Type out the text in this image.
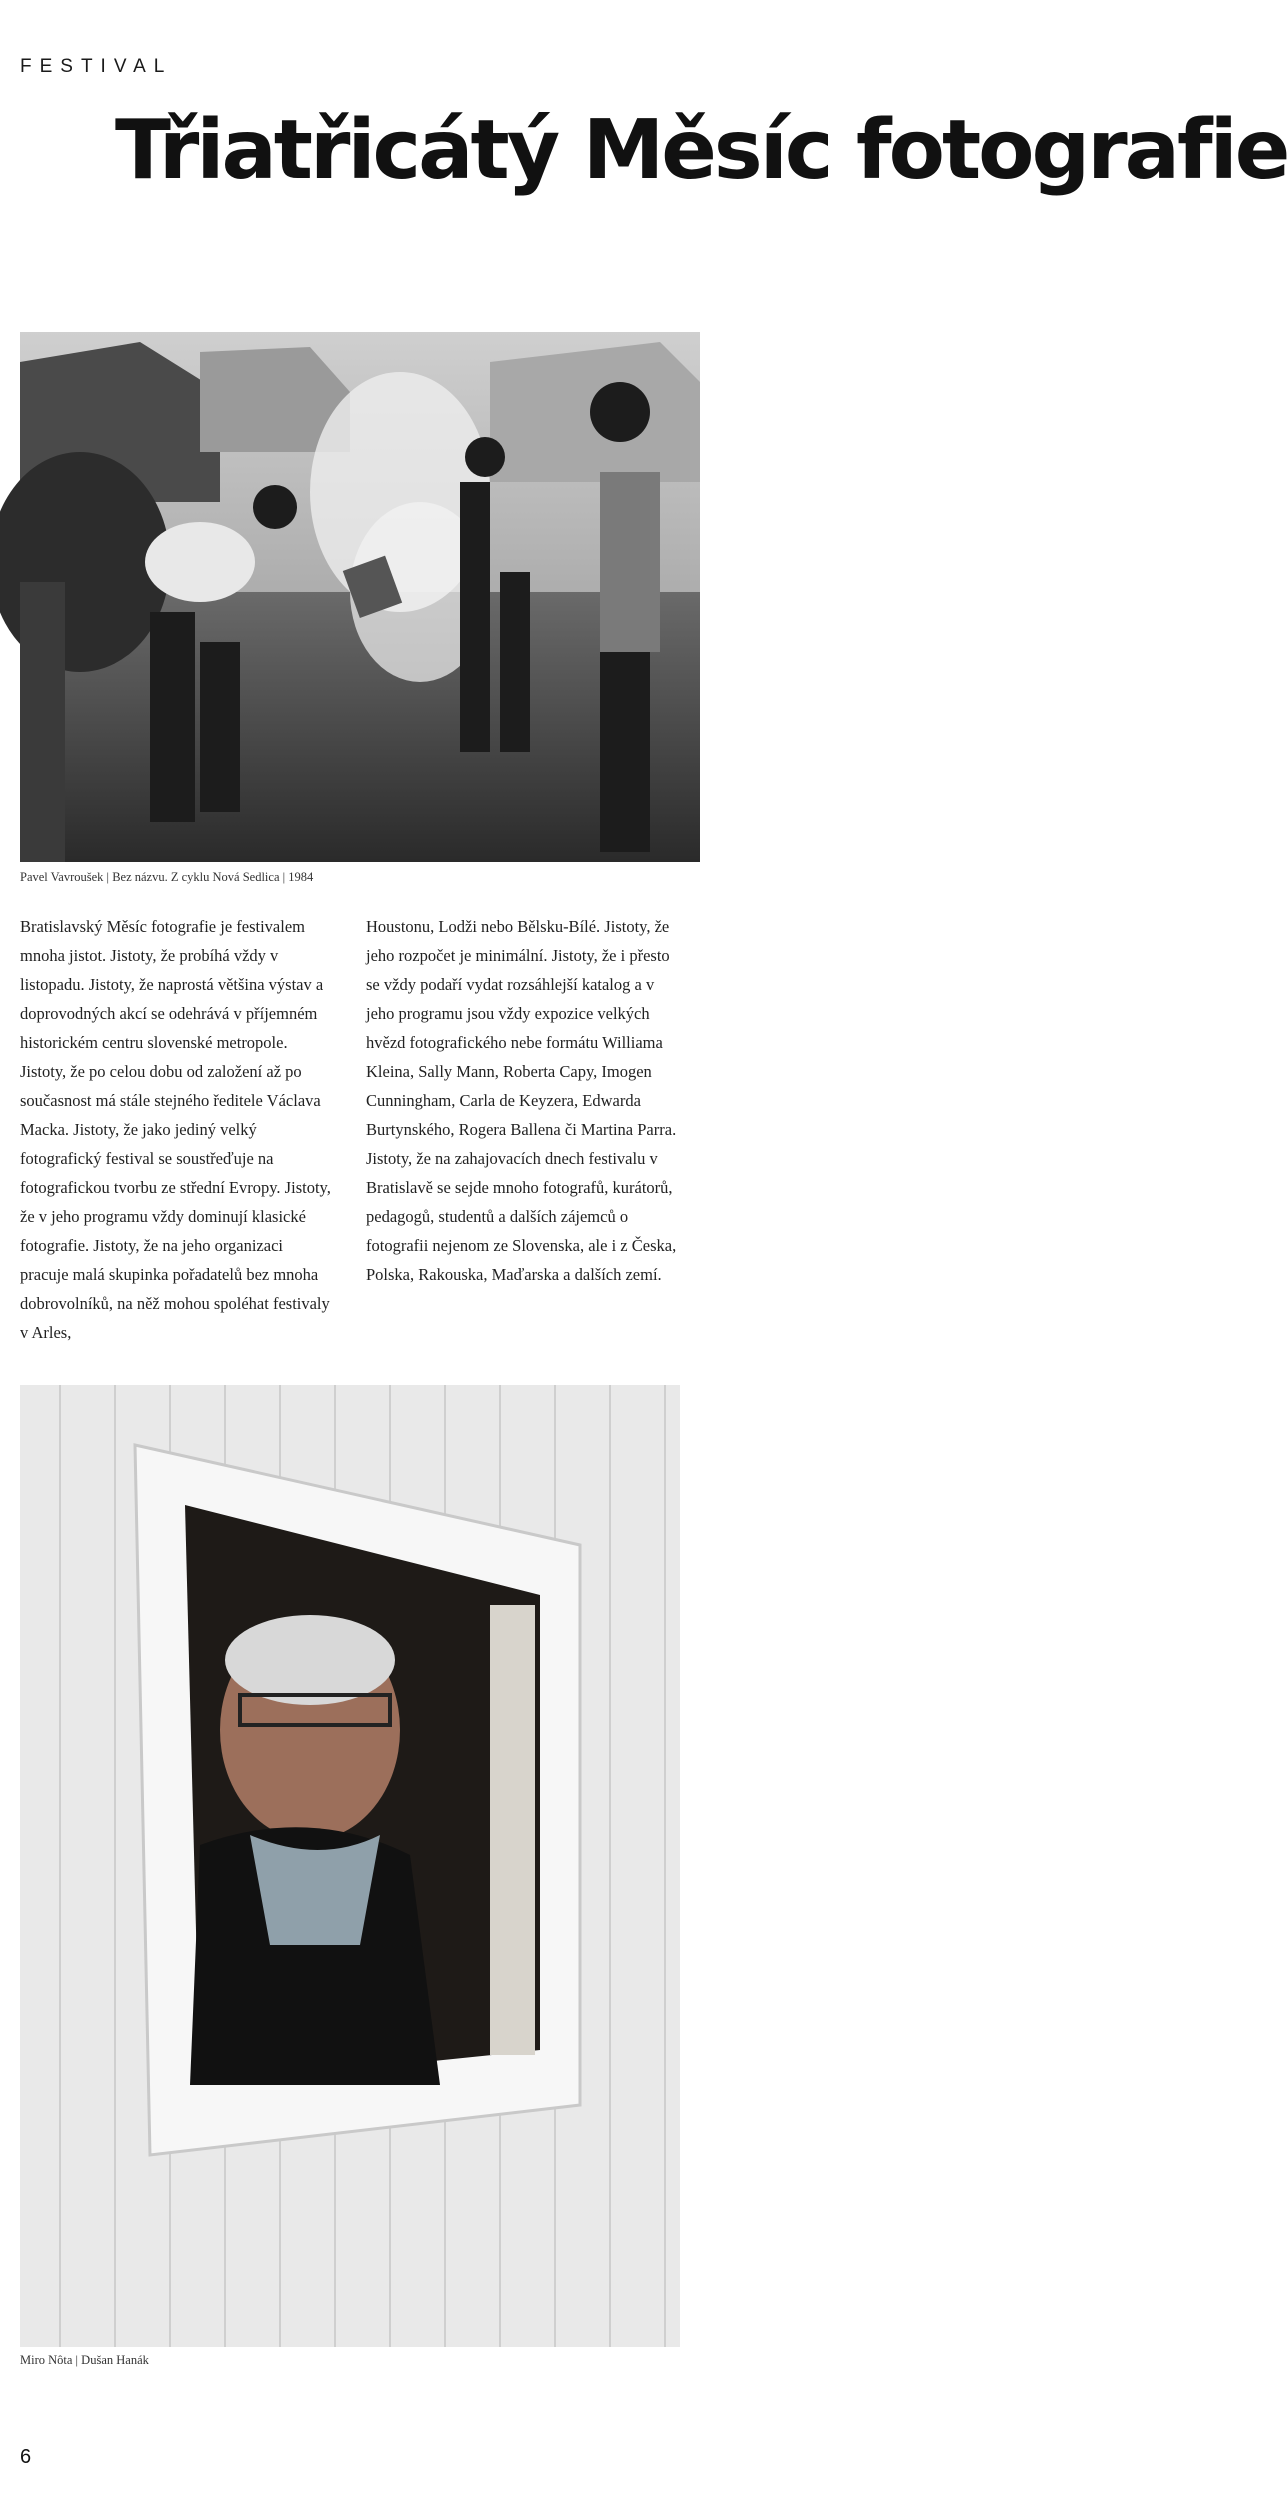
FESTIVAL
Třiatřicátý Měsíc fotografie
Pavel Vavroušek | Bez názvu. Z cyklu Nová Sedlica | 1984

Bratislavský Měsíc fotografie je festivalem mnoha jistot. Jistoty, že probíhá vždy v listopadu. Jistoty, že naprostá většina výstav a doprovodných akcí se odehrává v příjemném historickém centru slovenské metropole. Jistoty, že po celou dobu od založení až po současnost má stále stejného ředitele Václava Macka. Jistoty, že jako jediný velký fotografický festival se soustřeďuje na fotografickou tvorbu ze střední Evropy. Jistoty, že v jeho programu vždy dominují klasické fotografie. Jistoty, že na jeho organizaci pracuje malá skupinka pořadatelů bez mnoha dobrovolníků, na něž mohou spoléhat festivaly v Arles,

Houstonu, Lodži nebo Bělsku-Bílé. Jistoty, že jeho rozpočet je minimální. Jistoty, že i přesto se vždy podaří vydat rozsáhlejší katalog a v jeho programu jsou vždy expozice velkých hvězd fotografického nebe formátu Williama Kleina, Sally Mann, Roberta Capy, Imogen Cunningham, Carla de Keyzera, Edwarda Burtynského, Rogera Ballena či Martina Parra. Jistoty, že na zahajovacích dnech festivalu v Bratislavě se sejde mnoho fotografů, kurátorů, pedagogů, studentů a dalších zájemců o fotografii nejenom ze Slovenska, ale i z Česka, Polska, Rakouska, Maďarska a dalších zemí.

Miro Nôta | Dušan Hanák
6
